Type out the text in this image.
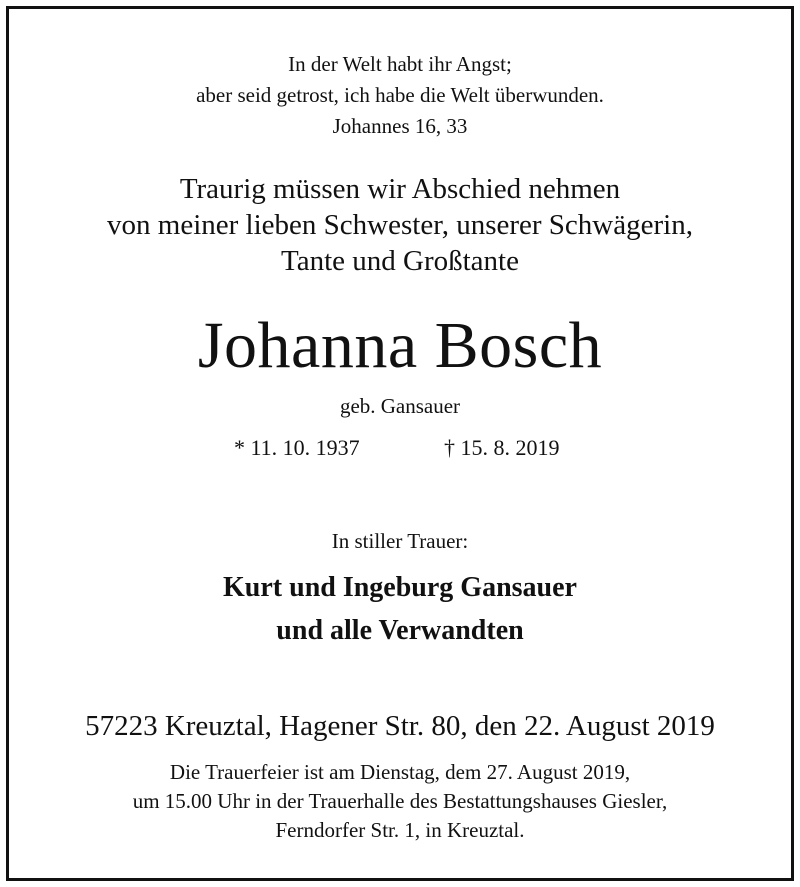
In der Welt habt ihr Angst;
aber seid getrost, ich habe die Welt überwunden.
Johannes 16, 33
Traurig müssen wir Abschied nehmen
von meiner lieben Schwester, unserer Schwägerin,
Tante und Großtante
Johanna Bosch
geb. Gansauer
* 11. 10. 1937	† 15. 8. 2019
In stiller Trauer:
Kurt und Ingeburg Gansauer
und alle Verwandten
57223 Kreuztal, Hagener Str. 80, den 22. August 2019
Die Trauerfeier ist am Dienstag, dem 27. August 2019,
um 15.00 Uhr in der Trauerhalle des Bestattungshauses Giesler,
Ferndorfer Str. 1, in Kreuztal.
